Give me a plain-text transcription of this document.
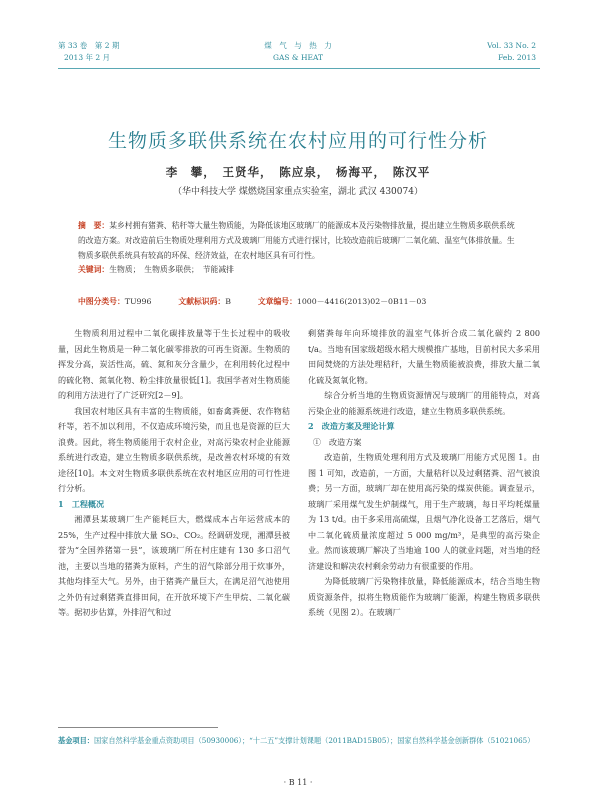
第 33 卷　第 2 期
2013 年 2 月
煤　气　与　热　力
GAS & HEAT
Vol. 33 No. 2
Feb. 2013
生物质多联供系统在农村应用的可行性分析
李　攀，　王贤华，　陈应泉，　杨海平，　陈汉平
（华中科技大学 煤燃烧国家重点实验室，湖北 武汉 430074）
摘　要：某乡村拥有猪粪、秸秆等大量生物质能，为降低该地区玻璃厂的能源成本及污染物排放量，提出建立生物质多联供系统的改造方案。对改造前后生物质处理利用方式及玻璃厂用能方式进行探讨，比较改造前后玻璃厂二氧化硫、温室气体排放量。生物质多联供系统具有较高的环保、经济效益，在农村地区具有可行性。
关键词：生物质；　生物质多联供；　节能减排
中图分类号：TU996	文献标识码：B	文章编号：1000－4416(2013)02－0B11－03

生物质利用过程中二氧化碳排放量等于生长过程中的吸收量，因此生物质是一种二氧化碳零排放的可再生资源。生物质的挥发分高，炭活性高，硫、氮和灰分含量少，在利用转化过程中的硫化物、氮氧化物、粉尘排放量很低[1]。我国学者对生物质能的利用方法进行了广泛研究[2－9]。

我国农村地区具有丰富的生物质能，如畜禽粪便、农作物秸秆等，若不加以利用，不仅造成环境污染，而且也是资源的巨大浪费。因此，将生物质能用于农村企业，对高污染农村企业能源系统进行改造，建立生物质多联供系统，是改善农村环境的有效途径[10]。本文对生物质多联供系统在农村地区应用的可行性进行分析。

1　工程概况

湘潭县某玻璃厂生产能耗巨大，燃煤成本占年运营成本的 25%，生产过程中排放大量 SO₂、CO₂。经调研发现，湘潭县被誉为“全国养猪第一县”，该玻璃厂所在村庄建有 130 多口沼气池，主要以当地的猪粪为原料，产生的沼气除部分用于炊事外，其他均排至大气。另外，由于猪粪产量巨大，在满足沼气池使用之外仍有过剩猪粪直排田间，在开放环境下产生甲烷、二氧化碳等。据初步估算，外排沼气和过

剩猪粪每年向环境排放的温室气体折合成二氧化碳约 2 800 t/a。当地有国家级超级水稻大规模推广基地，目前村民大多采用田间焚烧的方法处理秸秆，大量生物质能被浪费，排放大量二氧化硫及氮氧化物。

综合分析当地的生物质资源情况与玻璃厂的用能特点，对高污染企业的能源系统进行改造，建立生物质多联供系统。

2　改造方案及理论计算

①　改造方案

改造前，生物质处理利用方式及玻璃厂用能方式见图 1。由图 1 可知，改造前，一方面，大量秸秆以及过剩猪粪、沼气被浪费；另一方面，玻璃厂却在使用高污染的煤炭供能。调查显示，玻璃厂采用煤气发生炉制煤气，用于生产玻璃，每日平均耗煤量为 13 t/d。由于多采用高硫煤，且烟气净化设备工艺落后，烟气中二氧化硫质量浓度超过 5 000 mg/m³，是典型的高污染企业。然而该玻璃厂解决了当地逾 100 人的就业问题，对当地的经济建设和解决农村剩余劳动力有很重要的作用。

为降低玻璃厂污染物排放量，降低能源成本，结合当地生物质资源条件，拟将生物质能作为玻璃厂能源，构建生物质多联供系统（见图 2）。在玻璃厂

基金项目：国家自然科学基金重点资助项目（50930006）；“十二五”支撑计划课题（2011BAD15B05）；国家自然科学基金创新群体（51021065）
· B 11 ·
